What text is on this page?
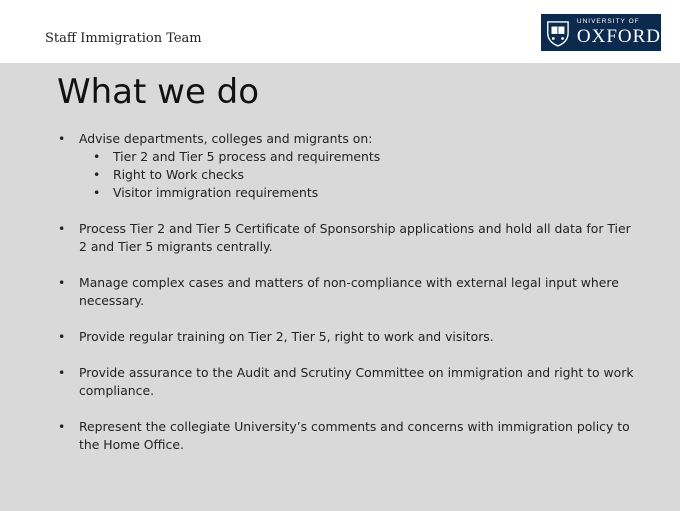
Staff Immigration Team
UNIVERSITY OF
OXFORD
What we do
• Advise departments, colleges and migrants on:
• Tier 2 and Tier 5 process and requirements
• Right to Work checks
• Visitor immigration requirements
• Process Tier 2 and Tier 5 Certificate of Sponsorship applications and hold all data for Tier 2 and Tier 5 migrants centrally.
• Manage complex cases and matters of non-compliance with external legal input where necessary.
• Provide regular training on Tier 2, Tier 5, right to work and visitors.
• Provide assurance to the Audit and Scrutiny Committee on immigration and right to work compliance.
• Represent the collegiate University’s comments and concerns with immigration policy to the Home Office.
